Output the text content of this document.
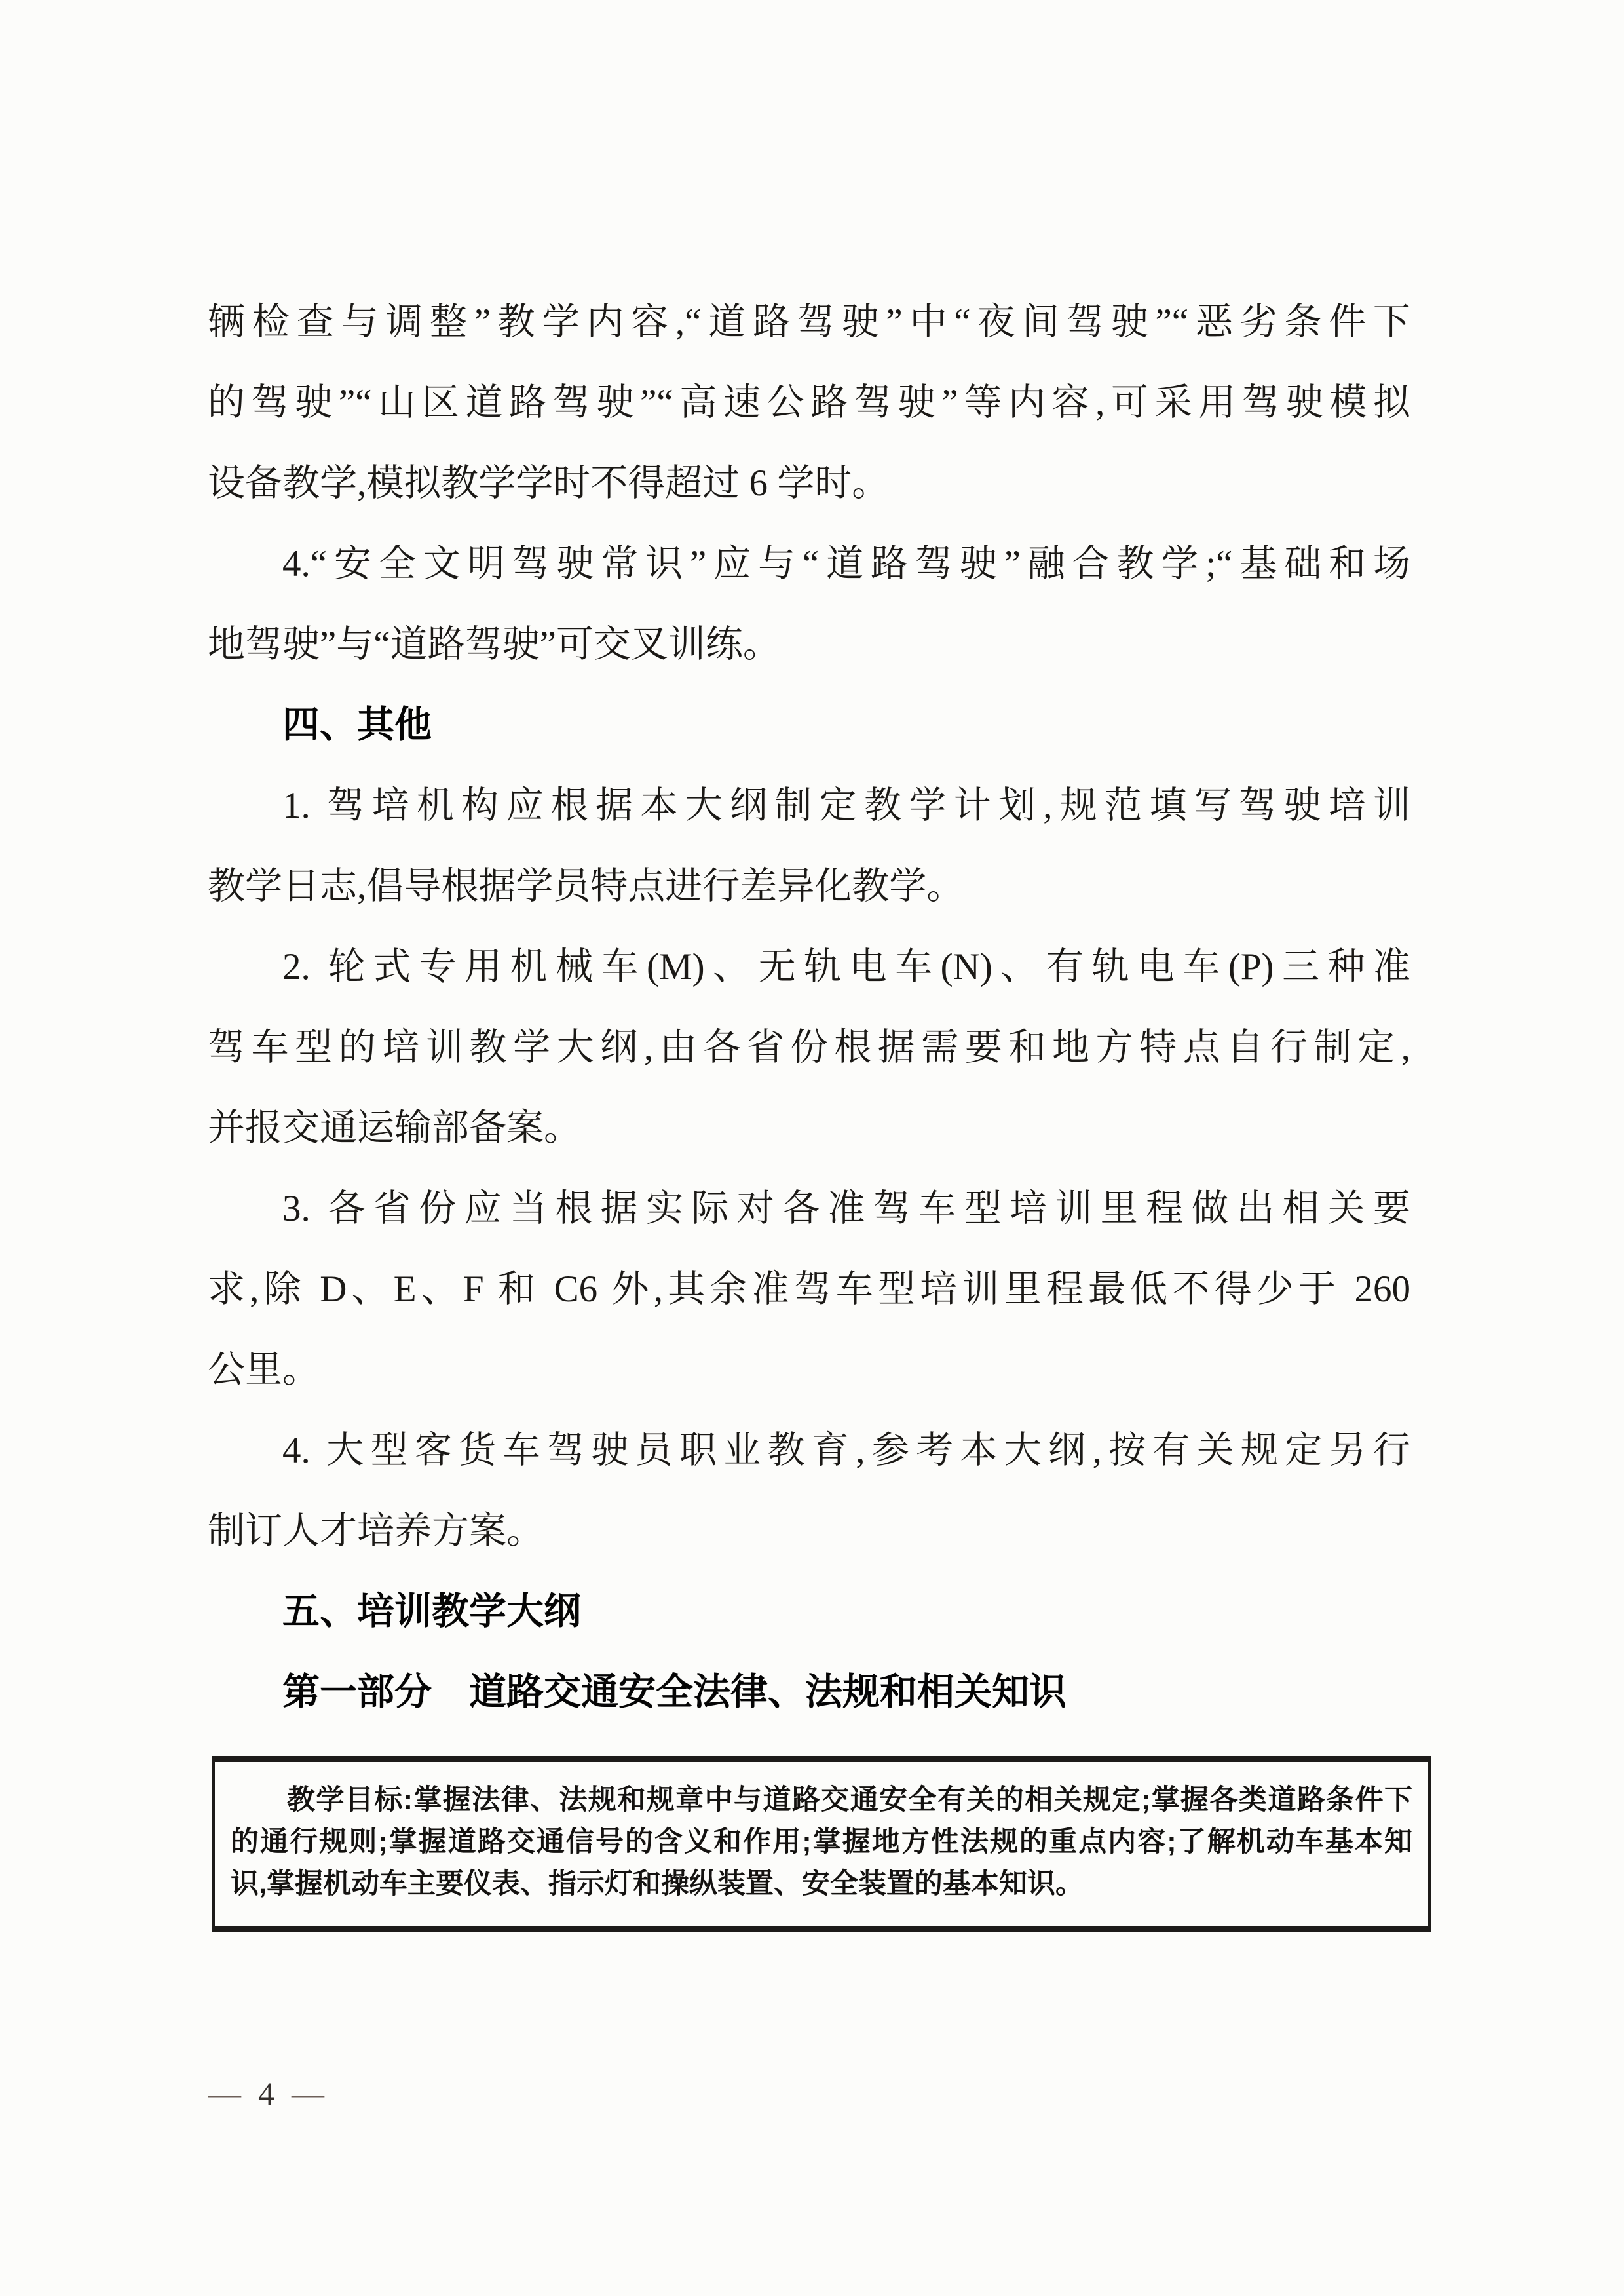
辆检查与调整”教学内容,“道路驾驶”中“夜间驾驶”“恶劣条件下

的驾驶”“山区道路驾驶”“高速公路驾驶”等内容,可采用驾驶模拟

设备教学,模拟教学学时不得超过 6 学时。

4.“安全文明驾驶常识”应与“道路驾驶”融合教学;“基础和场

地驾驶”与“道路驾驶”可交叉训练。

四、其他

1. 驾培机构应根据本大纲制定教学计划,规范填写驾驶培训

教学日志,倡导根据学员特点进行差异化教学。

2. 轮式专用机械车(M)、无轨电车(N)、有轨电车(P)三种准

驾车型的培训教学大纲,由各省份根据需要和地方特点自行制定,

并报交通运输部备案。

3. 各省份应当根据实际对各准驾车型培训里程做出相关要

求,除 D、E、F 和 C6 外,其余准驾车型培训里程最低不得少于 260

公里。

4. 大型客货车驾驶员职业教育,参考本大纲,按有关规定另行

制订人才培养方案。

五、培训教学大纲
第一部分　道路交通安全法律、法规和相关知识

教学目标:掌握法律、法规和规章中与道路交通安全有关的相关规定;掌握各类道路条件下

的通行规则;掌握道路交通信号的含义和作用;掌握地方性法规的重点内容;了解机动车基本知

识,掌握机动车主要仪表、指示灯和操纵装置、安全装置的基本知识。

— 4 —
